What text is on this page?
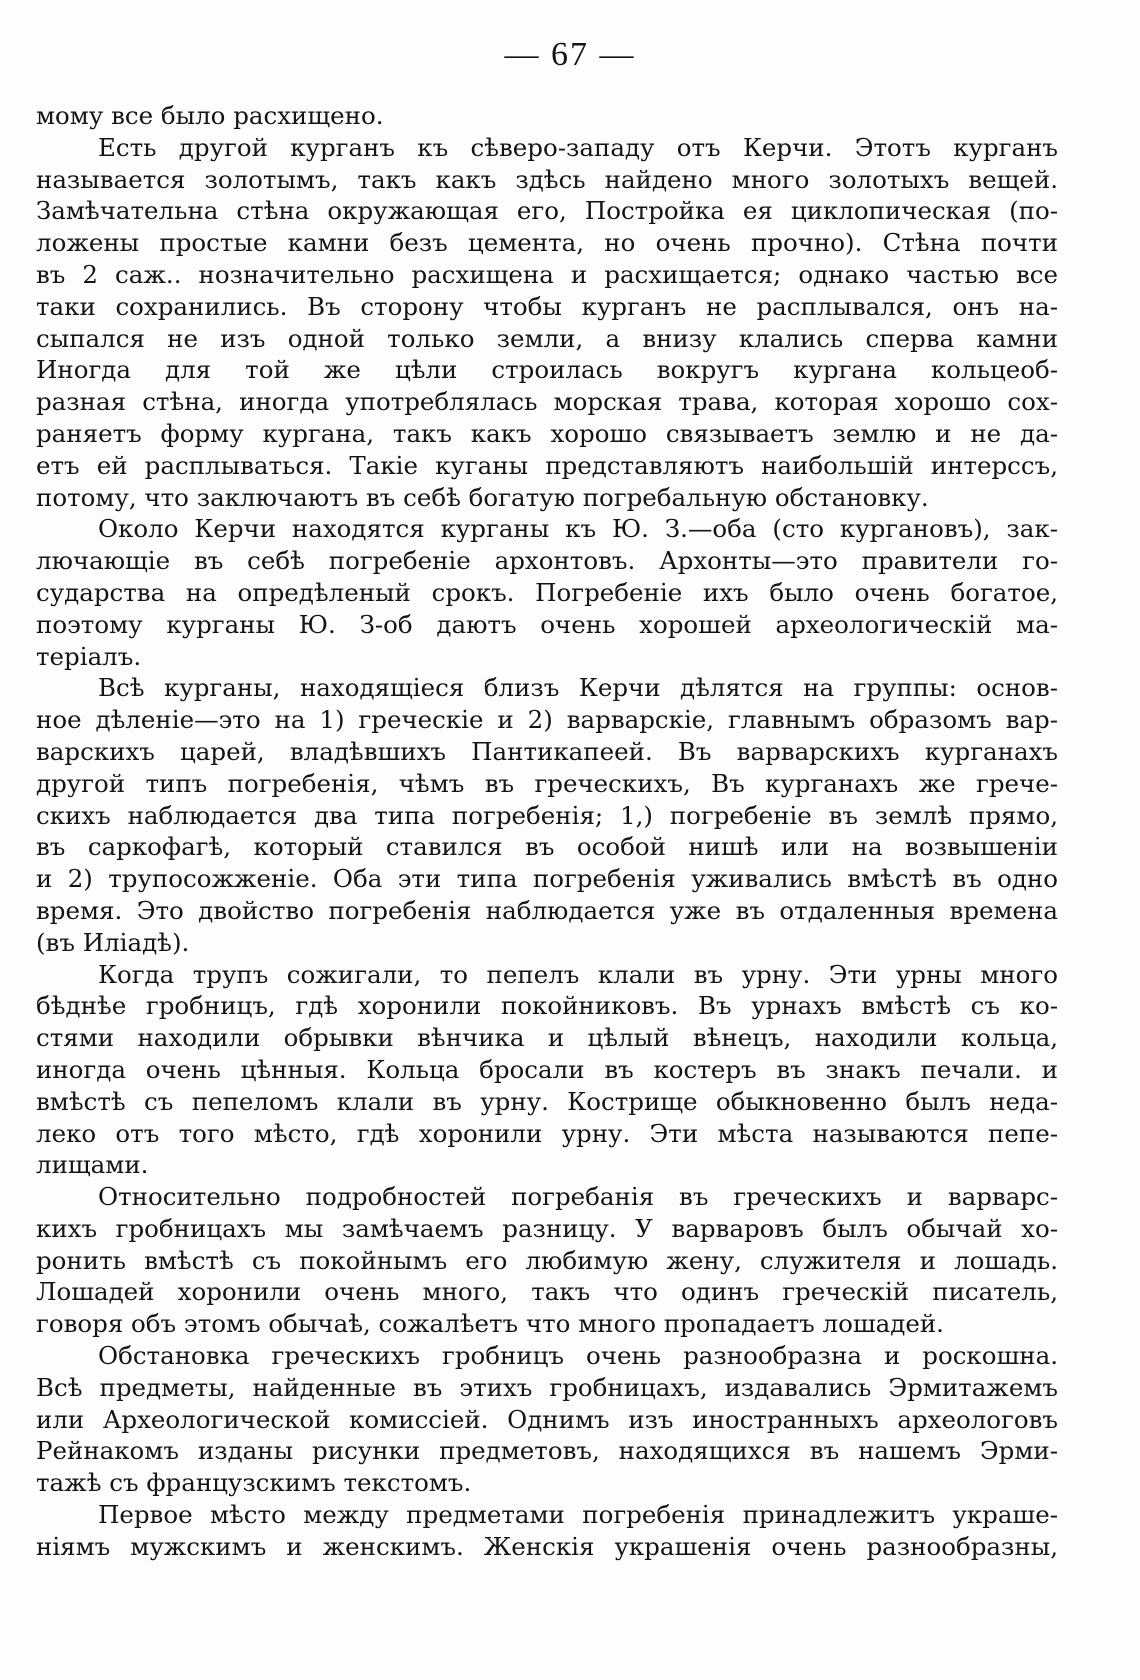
— 67 —
мому все было расхищено.
Есть другой курганъ къ сѣверо-западу отъ Керчи. Этотъ курганъ
называется золотымъ, такъ какъ здѣсь найдено много золотыхъ вещей.
Замѣчательна стѣна окружающая его, Постройка ея циклопическая (по-
ложены простые камни безъ цемента, но очень прочно). Стѣна почти
въ 2 саж.. нозначительно расхищена и расхищается; однако частью все
таки сохранились. Въ сторону чтобы курганъ не расплывался, онъ на-
сыпался не изъ одной только земли, а внизу клались сперва камни
Иногда для той же цѣли строилась вокругъ кургана кольцеоб-
разная стѣна, иногда употреблялась морская трава, которая хорошо сох-
раняетъ форму кургана, такъ какъ хорошо связываетъ землю и не да-
етъ ей расплываться. Такіе куганы представляютъ наибольшій интерссъ,
потому, что заключаютъ въ себѣ богатую погребальную обстановку.
Около Керчи находятся курганы къ Ю. З.—оба (сто кургановъ), зак-
лючающіе въ себѣ погребеніе архонтовъ. Архонты—это правители го-
сударства на опредѣленый срокъ. Погребеніе ихъ было очень богатое,
поэтому курганы Ю. З-об даютъ очень хорошей археологическій ма-
теріалъ.
Всѣ курганы, находящіеся близъ Керчи дѣлятся на группы: основ-
ное дѣленіе—это на 1) греческіе и 2) варварскіе, главнымъ образомъ вар-
варскихъ царей, владѣвшихъ Пантикапеей. Въ варварскихъ курганахъ
другой типъ погребенія, чѣмъ въ греческихъ, Въ курганахъ же грече-
скихъ наблюдается два типа погребенія; 1,) погребеніе въ землѣ прямо,
въ саркофагѣ, который ставился въ особой нишѣ или на возвышеніи
и 2) трупосожженіе. Оба эти типа погребенія уживались вмѣстѣ въ одно
время. Это двойство погребенія наблюдается уже въ отдаленныя времена
(въ Иліадѣ).
Когда трупъ сожигали, то пепелъ клали въ урну. Эти урны много
бѣднѣе гробницъ, гдѣ хоронили покойниковъ. Въ урнахъ вмѣстѣ съ ко-
стями находили обрывки вѣнчика и цѣлый вѣнецъ, находили кольца,
иногда очень цѣнныя. Кольца бросали въ костеръ въ знакъ печали. и
вмѣстѣ съ пепеломъ клали въ урну. Кострище обыкновенно былъ неда-
леко отъ того мѣсто, гдѣ хоронили урну. Эти мѣста называются пепе-
лищами.
Относительно подробностей погребанія въ греческихъ и варварс-
кихъ гробницахъ мы замѣчаемъ разницу. У варваровъ былъ обычай хо-
ронить вмѣстѣ съ покойнымъ его любимую жену, служителя и лошадь.
Лошадей хоронили очень много, такъ что одинъ греческій писатель,
говоря объ этомъ обычаѣ, сожалѣетъ что много пропадаетъ лошадей.
Обстановка греческихъ гробницъ очень разнообразна и роскошна.
Всѣ предметы, найденные въ этихъ гробницахъ, издавались Эрмитажемъ
или Археологической комиссіей. Однимъ изъ иностранныхъ археологовъ
Рейнакомъ изданы рисунки предметовъ, находящихся въ нашемъ Эрми-
тажѣ съ французскимъ текстомъ.
Первое мѣсто между предметами погребенія принадлежитъ украше-
ніямъ мужскимъ и женскимъ. Женскія украшенія очень разнообразны,
